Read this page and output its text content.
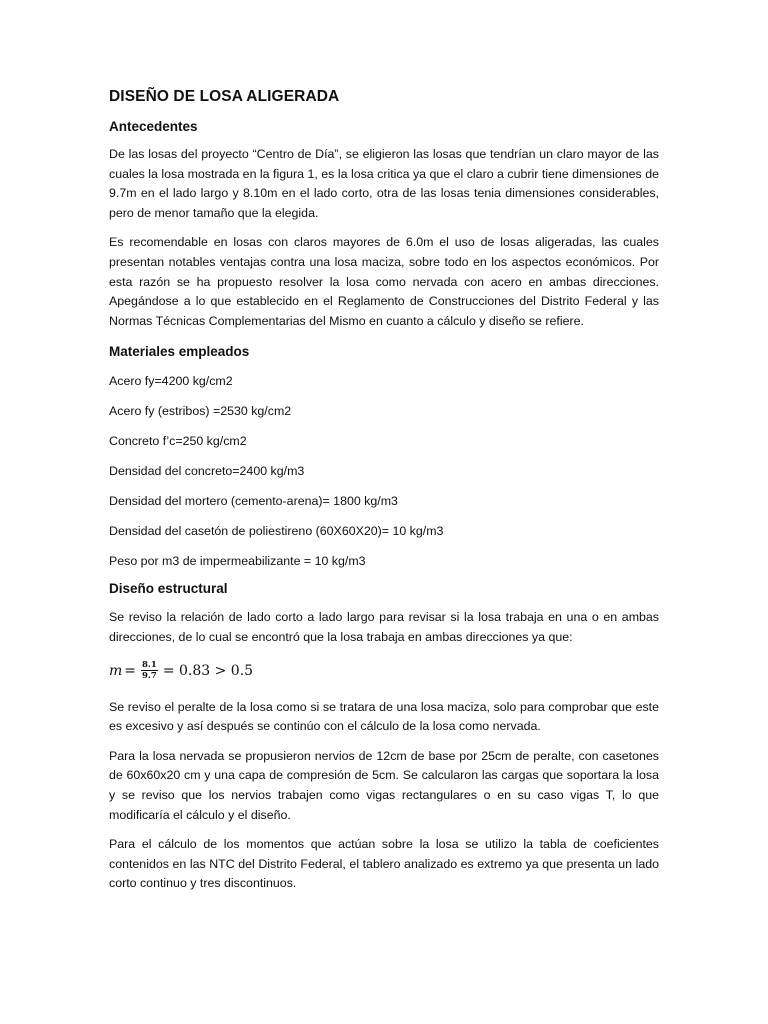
DISEÑO DE LOSA ALIGERADA
Antecedentes

De las losas del proyecto “Centro de Día”, se eligieron las losas que tendrían un claro mayor de las cuales la losa mostrada en la figura 1, es la losa critica ya que el claro a cubrir tiene dimensiones de 9.7m en el lado largo y 8.10m en el lado corto, otra de las losas tenia dimensiones considerables, pero de menor tamaño que la elegida.

Es recomendable en losas con claros mayores de 6.0m el uso de losas aligeradas, las cuales presentan notables ventajas contra una losa maciza, sobre todo en los aspectos económicos. Por esta razón se ha propuesto resolver la losa como nervada con acero en ambas direcciones. Apegándose a lo que establecido en el Reglamento de Construcciones del Distrito Federal y las Normas Técnicas Complementarias del Mismo en cuanto a cálculo y diseño se refiere.

Materiales empleados
Acero fy=4200 kg/cm2
Acero fy (estribos) =2530 kg/cm2
Concreto f’c=250 kg/cm2
Densidad del concreto=2400 kg/m3
Densidad del mortero (cemento-arena)= 1800 kg/m3
Densidad del casetón de poliestireno (60X60X20)= 10 kg/m3
Peso por m3 de impermeabilizante = 10 kg/m3
Diseño estructural

Se reviso la relación de lado corto a lado largo para revisar si la losa trabaja en una o en ambas direcciones, de lo cual se encontró que la losa trabaja en ambas direcciones ya que:

$m = \frac{8.1}{9.7} = 0.83 > 0.5$

Se reviso el peralte de la losa como si se tratara de una losa maciza, solo para comprobar que este es excesivo y así después se continúo con el cálculo de la losa como nervada.

Para la losa nervada se propusieron nervios de 12cm de base por 25cm de peralte, con casetones de 60x60x20 cm y una capa de compresión de 5cm. Se calcularon las cargas que soportara la losa y se reviso que los nervios trabajen como vigas rectangulares o en su caso vigas T, lo que modificaría el cálculo y el diseño.

Para el cálculo de los momentos que actúan sobre la losa se utilizo la tabla de coeficientes contenidos en las NTC del Distrito Federal, el tablero analizado es extremo ya que presenta un lado corto continuo y tres discontinuos.
